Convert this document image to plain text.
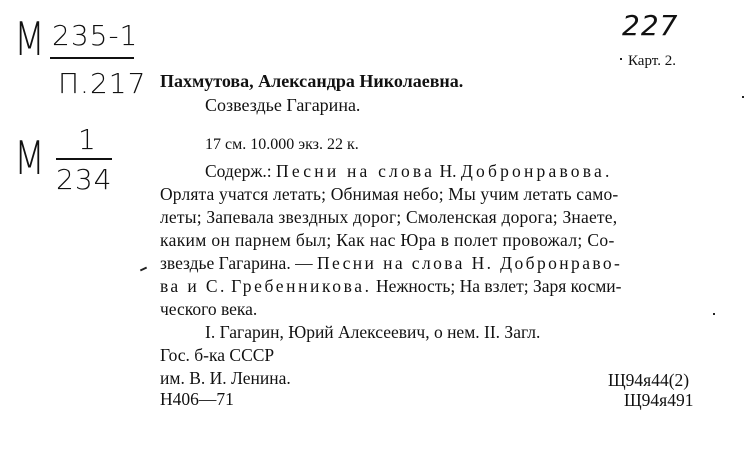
М 235-1
П.217
М 1
234
227
Карт. 2.
Пахмутова, Александра Николаевна.
Созвездье Гагарина.
17 см. 10.000 экз. 22 к.
Содерж.: Песни на слова Н. Добронравова.
Орлята учатся летать; Обнимая небо; Мы учим летать само-
леты; Запевала звездных дорог; Смоленская дорога; Знаете,
каким он парнем был; Как нас Юра в полет провожал; Со-
звездье Гагарина. — Песни на слова Н. Добронраво-
ва и С. Гребенникова. Нежность; На взлет; Заря косми-
ческого века.
I. Гагарин, Юрий Алексеевич, о нем. II. Загл.
Гос. б-ка СССР
им. В. И. Ленина.
Н406—71
Щ94я44(2)
Щ94я491
